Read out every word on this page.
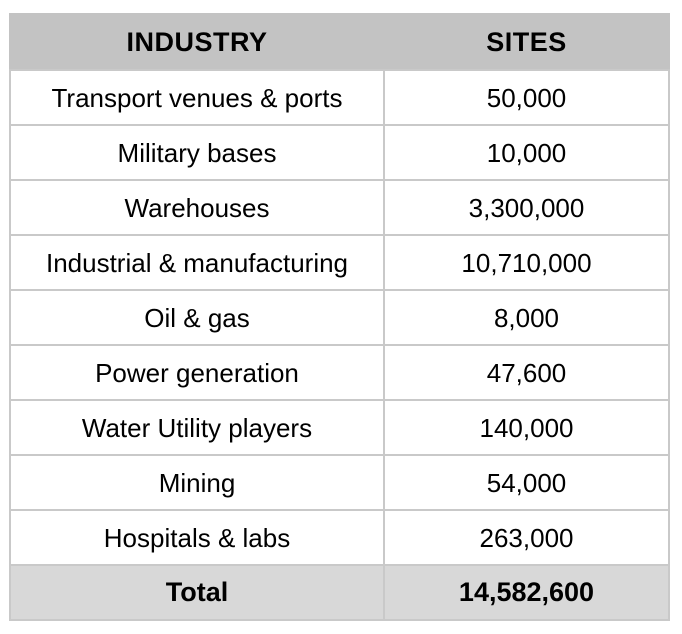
INDUSTRY	SITES
Transport venues & ports	50,000
Military bases	10,000
Warehouses	3,300,000
Industrial & manufacturing	10,710,000
Oil & gas	8,000
Power generation	47,600
Water Utility players	140,000
Mining	54,000
Hospitals & labs	263,000
Total	14,582,600
